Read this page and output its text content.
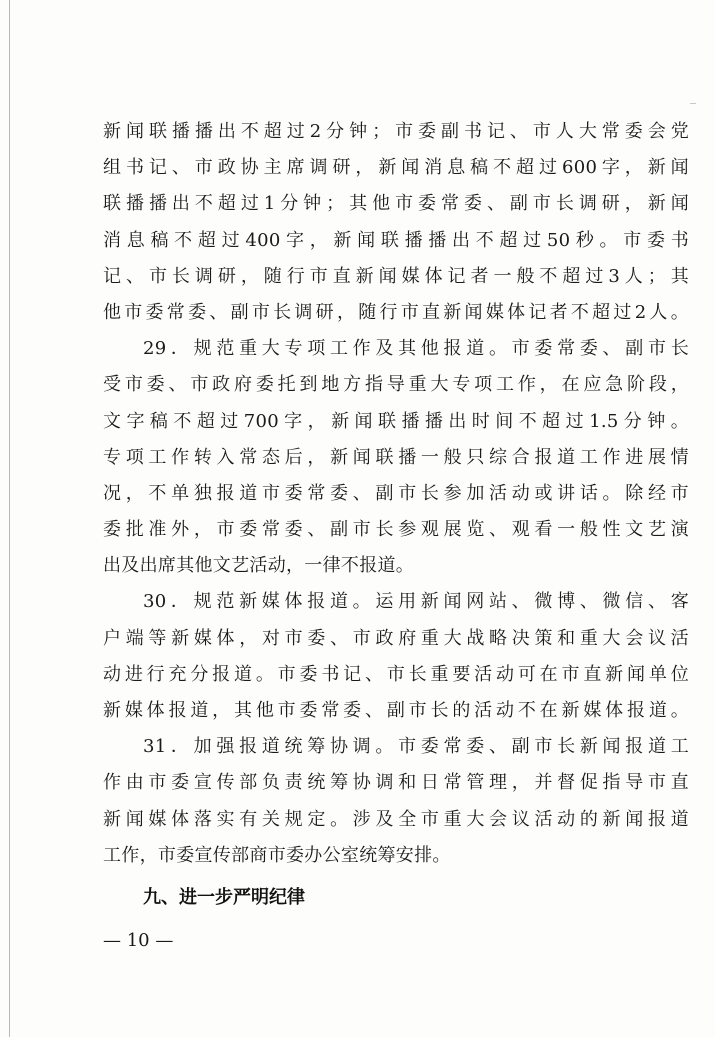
新闻联播播出不超过2分钟；市委副书记、市人大常委会党
组书记、市政协主席调研，新闻消息稿不超过600字，新闻
联播播出不超过1分钟；其他市委常委、副市长调研，新闻
消息稿不超过400字，新闻联播播出不超过50秒。市委书
记、市长调研，随行市直新闻媒体记者一般不超过3人；其
他市委常委、副市长调研，随行市直新闻媒体记者不超过2人。
29．规范重大专项工作及其他报道。市委常委、副市长
受市委、市政府委托到地方指导重大专项工作，在应急阶段，
文字稿不超过700字，新闻联播播出时间不超过1.5分钟。
专项工作转入常态后，新闻联播一般只综合报道工作进展情
况，不单独报道市委常委、副市长参加活动或讲话。除经市
委批准外，市委常委、副市长参观展览、观看一般性文艺演
出及出席其他文艺活动，一律不报道。
30．规范新媒体报道。运用新闻网站、微博、微信、客
户端等新媒体，对市委、市政府重大战略决策和重大会议活
动进行充分报道。市委书记、市长重要活动可在市直新闻单位
新媒体报道，其他市委常委、副市长的活动不在新媒体报道。
31．加强报道统筹协调。市委常委、副市长新闻报道工
作由市委宣传部负责统筹协调和日常管理，并督促指导市直
新闻媒体落实有关规定。涉及全市重大会议活动的新闻报道
工作，市委宣传部商市委办公室统筹安排。
九、进一步严明纪律
— 10 —
